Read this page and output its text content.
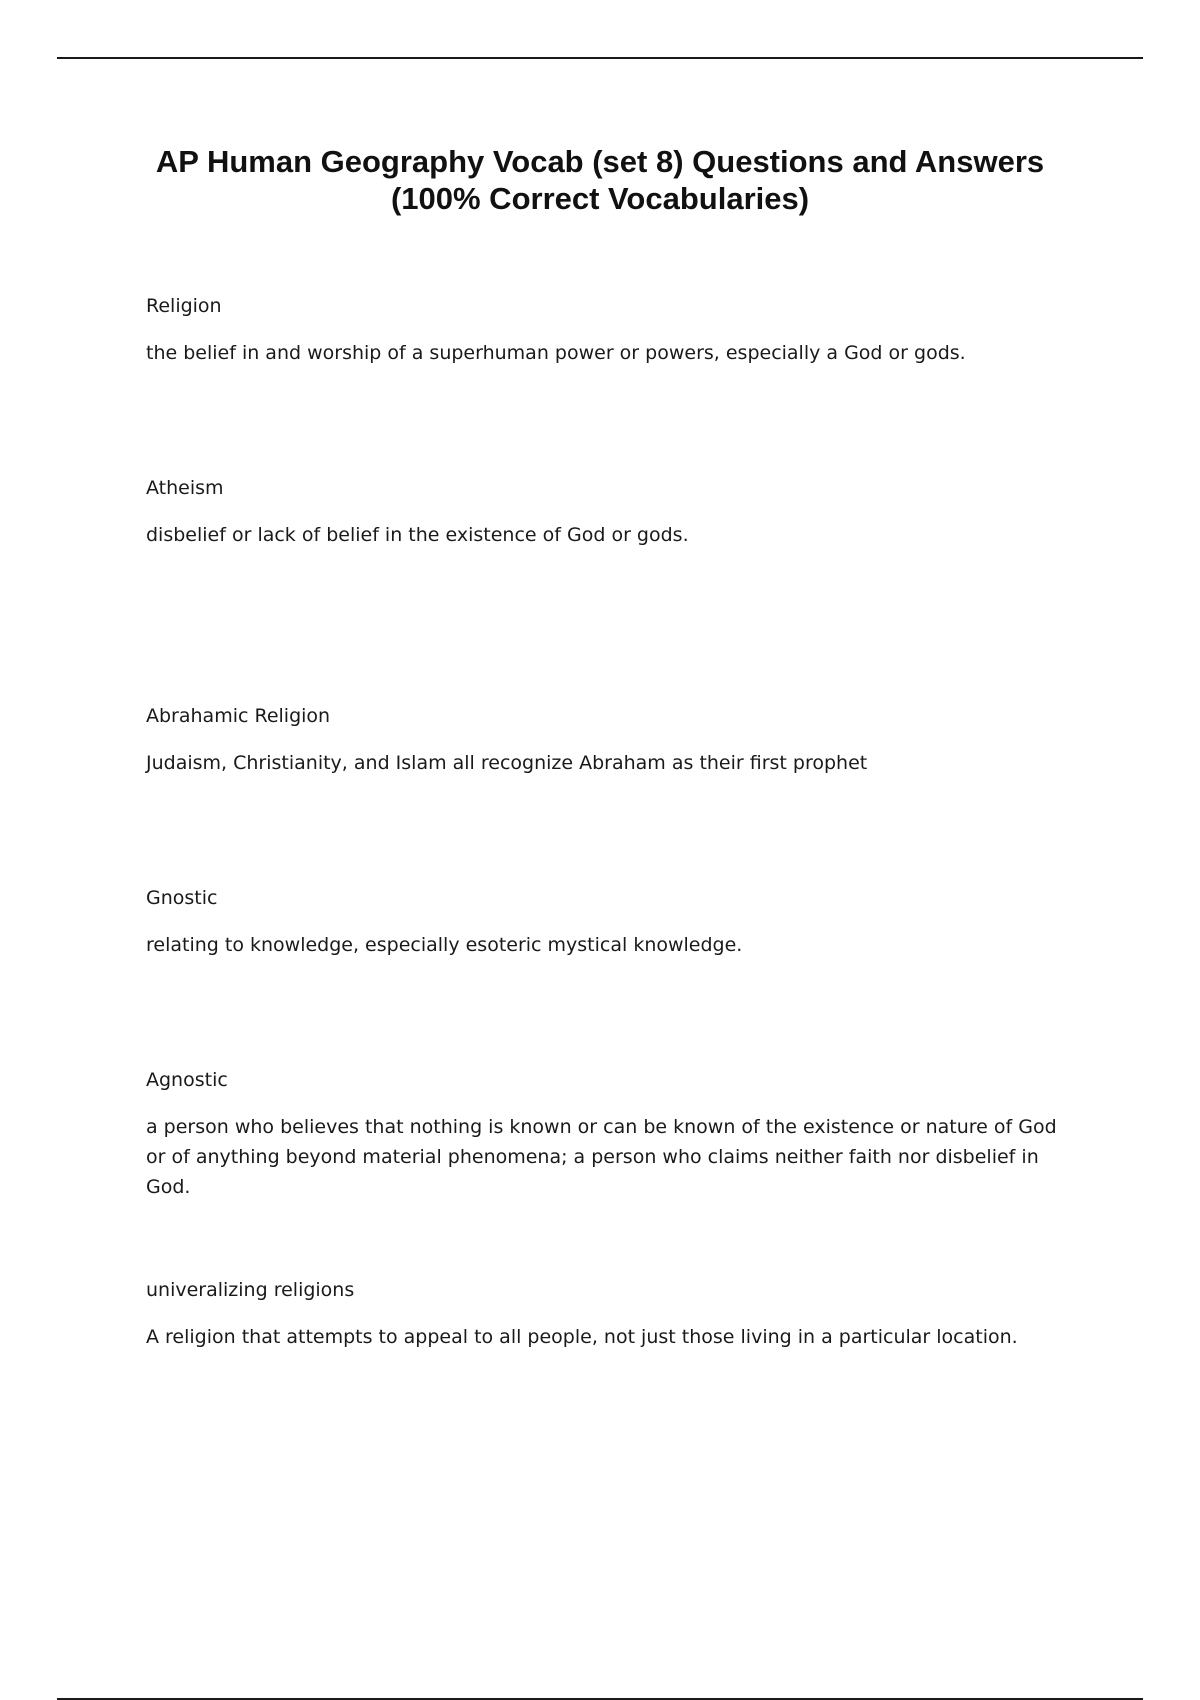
AP Human Geography Vocab (set 8) Questions and Answers
(100% Correct Vocabularies)

Religion

the belief in and worship of a superhuman power or powers, especially a God or gods.

Atheism

disbelief or lack of belief in the existence of God or gods.

Abrahamic Religion

Judaism, Christianity, and Islam all recognize Abraham as their first prophet

Gnostic

relating to knowledge, especially esoteric mystical knowledge.

Agnostic

a person who believes that nothing is known or can be known of the existence or nature of God or of anything beyond material phenomena; a person who claims neither faith nor disbelief in God.

univeralizing religions

A religion that attempts to appeal to all people, not just those living in a particular location.
